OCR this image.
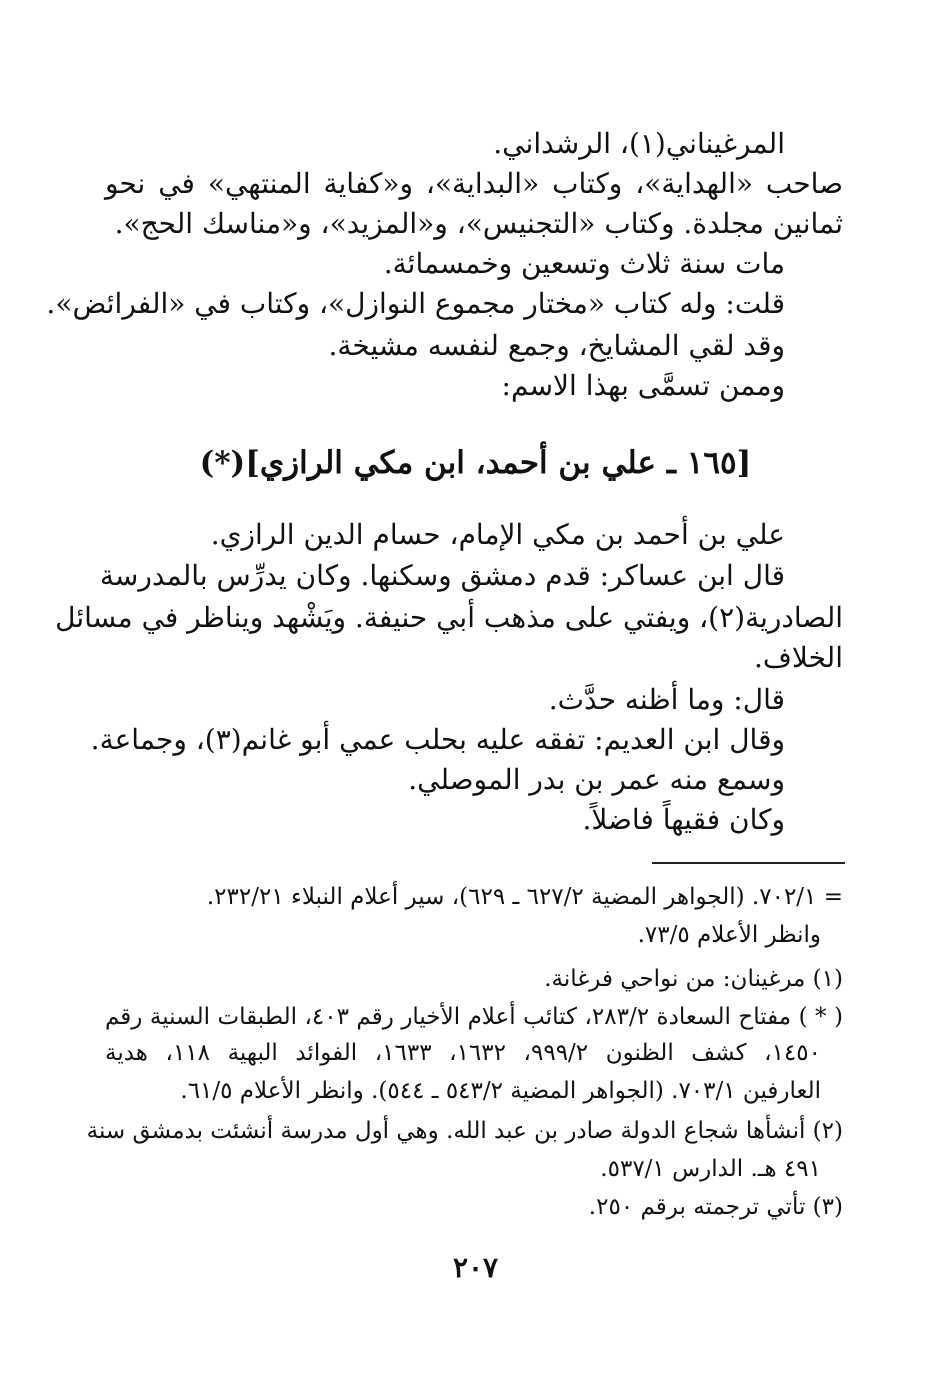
المرغيناني(١)، الرشداني.
صاحب «الهداية»، وكتاب «البداية»، و«كفاية المنتهي» في نحو
ثمانين مجلدة. وكتاب «التجنيس»، و«المزيد»، و«مناسك الحج».
مات سنة ثلاث وتسعين وخمسمائة.
قلت: وله كتاب «مختار مجموع النوازل»، وكتاب في «الفرائض».
وقد لقي المشايخ، وجمع لنفسه مشيخة.
وممن تسمَّى بهذا الاسم:
[١٦٥ ـ علي بن أحمد، ابن مكي الرازي](*)
علي بن أحمد بن مكي الإمام، حسام الدين الرازي.
قال ابن عساكر: قدم دمشق وسكنها. وكان يدرِّس بالمدرسة
الصادرية(٢)، ويفتي على مذهب أبي حنيفة. ويَشْهد ويناظر في مسائل
الخلاف.
قال: وما أظنه حدَّث.
وقال ابن العديم: تفقه عليه بحلب عمي أبو غانم(٣)، وجماعة.
وسمع منه عمر بن بدر الموصلي.
وكان فقيهاً فاضلاً.
= ٧٠٢/١. (الجواهر المضية ٦٢٧/٢ ـ ٦٢٩)، سير أعلام النبلاء ٢٣٢/٢١.
وانظر الأعلام ٧٣/٥.
(١) مرغينان: من نواحي فرغانة.
( * ) مفتاح السعادة ٢٨٣/٢، كتائب أعلام الأخيار رقم ٤٠٣، الطبقات السنية رقم
١٤٥٠، كشف الظنون ٩٩٩/٢، ١٦٣٢، ١٦٣٣، الفوائد البهية ١١٨، هدية
العارفين ٧٠٣/١. (الجواهر المضية ٥٤٣/٢ ـ ٥٤٤). وانظر الأعلام ٦١/٥.
(٢) أنشأها شجاع الدولة صادر بن عبد الله. وهي أول مدرسة أنشئت بدمشق سنة
٤٩١ هـ. الدارس ٥٣٧/١.
(٣) تأتي ترجمته برقم ٢٥٠.
٢٠٧
